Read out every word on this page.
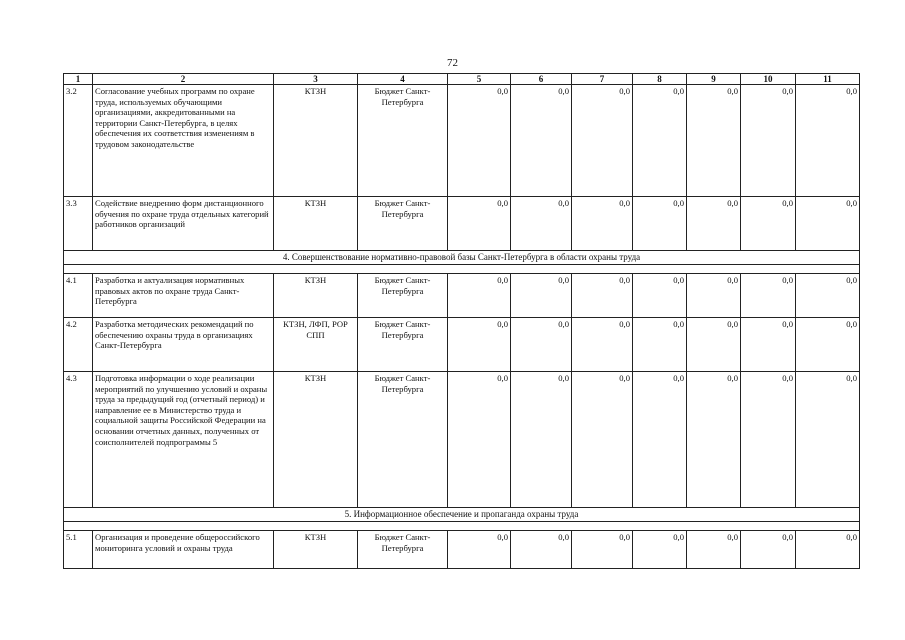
72
1	2	3	4	5	6	7	8	9	10	11
3.2	Согласование учебных программ по охране труда, используемых обучающими организациями, аккредитованными на территории Санкт-Петербурга, в целях обеспечения их соответствия изменениям в трудовом законодательстве	КТЗН	Бюджет Санкт-Петербурга	0,0	0,0	0,0	0,0	0,0	0,0	0,0
3.3	Содействие внедрению форм дистанционного обучения по охране труда отдельных категорий работников организаций	КТЗН	Бюджет Санкт-Петербурга	0,0	0,0	0,0	0,0	0,0	0,0	0,0
4. Совершенствование нормативно-правовой базы Санкт-Петербурга в области охраны труда										

4.1	Разработка и актуализация нормативных правовых актов по охране труда Санкт-Петербурга	КТЗН	Бюджет Санкт-Петербурга	0,0	0,0	0,0	0,0	0,0	0,0	0,0
4.2	Разработка методических рекомендаций по обеспечению охраны труда в организациях Санкт-Петербурга	КТЗН, ЛФП, РОР СПП	Бюджет Санкт-Петербурга	0,0	0,0	0,0	0,0	0,0	0,0	0,0
4.3	Подготовка информации о ходе реализации мероприятий по улучшению условий и охраны труда за предыдущий год (отчетный период) и направление ее в Министерство труда и социальной защиты Российской Федерации на основании отчетных данных, полученных от соисполнителей подпрограммы 5	КТЗН	Бюджет Санкт-Петербурга	0,0	0,0	0,0	0,0	0,0	0,0	0,0
5. Информационное обеспечение и пропаганда охраны труда										

5.1	Организация и проведение общероссийского мониторинга условий и охраны труда	КТЗН	Бюджет Санкт-Петербурга	0,0	0,0	0,0	0,0	0,0	0,0	0,0
